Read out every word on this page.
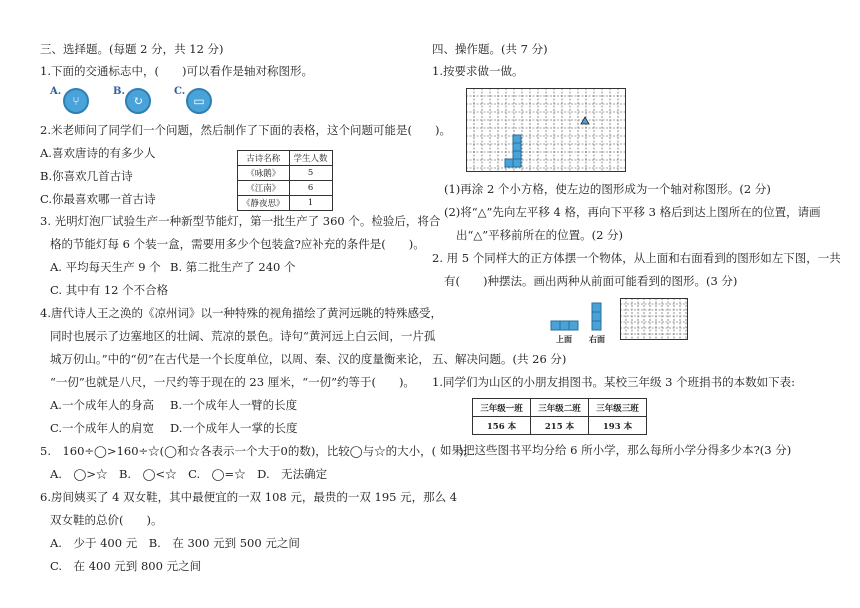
三、选择题。(每题 2 分，共 12 分)
1.下面的交通标志中，(　　)可以看作是轴对称图形。
A.
⑂
B.
↻
C.
▭
2.米老师问了同学们一个问题，然后制作了下面的表格，这个问题可能是(　　)。
A.喜欢唐诗的有多少人
B.你喜欢几首古诗
C.你最喜欢哪一首古诗
古诗名称	学生人数
《咏鹅》	5
《江南》	6
《静夜思》	1
3. 光明灯泡厂试验生产一种新型节能灯，第一批生产了 360 个。检验后，将合
格的节能灯每 6 个装一盒，需要用多少个包装盒?应补充的条件是(　　)。
A. 平均每天生产 9 个 B. 第二批生产了 240 个
C. 其中有 12 个不合格
4.唐代诗人王之涣的《凉州词》以一种特殊的视角描绘了黄河远眺的特殊感受，
同时也展示了边塞地区的壮阔、荒凉的景色。诗句“黄河远上白云间，一片孤
城万仞山。”中的“仞”在古代是一个长度单位，以周、秦、汉的度量衡来论，
“一仞”也就是八尺，一尺约等于现在的 23 厘米，“一仞”约等于(　　)。
A.一个成年人的身高 B.一个成年人一臂的长度
C.一个成年人的肩宽 D.一个成年人一掌的长度
5.　160÷◯>160÷☆(◯和☆各表示一个大于0的数)，比较◯与☆的大小，(　　)。
A.　◯>☆　B.　◯<☆　C.　◯=☆　D.　无法确定
6.房间姨买了 4 双女鞋，其中最便宜的一双 108 元，最贵的一双 195 元，那么 4
双女鞋的总价(　　)。
A.　少于 400 元　B.　在 300 元到 500 元之间
C.　在 400 元到 800 元之间
四、操作题。(共 7 分)
1.按要求做一做。
(1)再涂 2 个小方格，使左边的图形成为一个轴对称图形。(2 分)
(2)将“△”先向左平移 4 格，再向下平移 3 格后到达上图所在的位置，请画
出“△”平移前所在的位置。(2 分)
2. 用 5 个同样大的正方体摆一个物体，从上面和右面看到的图形如左下图，一共
有(　　)种摆法。画出两种从前面可能看到的图形。(3 分)
上面 右面
五、解决问题。(共 26 分)
1.同学们为山区的小朋友捐图书。某校三年级 3 个班捐书的本数如下表:
三年级一班	三年级二班	三年级三班
156 本	215 本	193 本
如果把这些图书平均分给 6 所小学，那么每所小学分得多少本?(3 分)
